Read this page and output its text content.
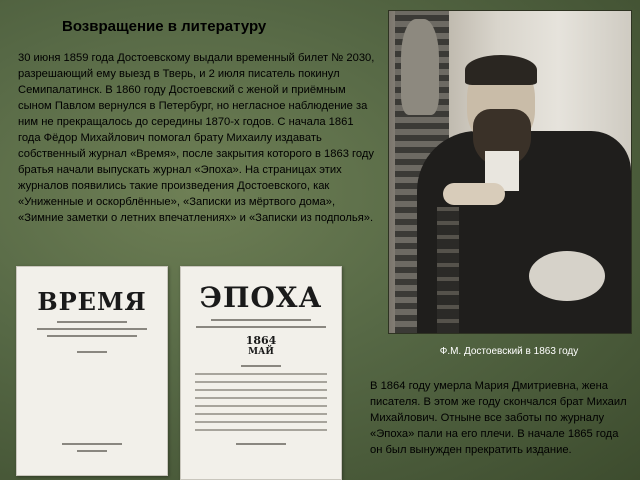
Возвращение в литературу

30 июня 1859 года Достоевскому выдали временный билет № 2030, разрешающий ему выезд в Тверь, и 2 июля писатель покинул Семипалатинск. В 1860 году Достоевский с женой и приёмным сыном Павлом вернулся в Петербург, но негласное наблюдение за ним не прекращалось до середины 1870-х годов. С начала 1861 года Фёдор Михайлович помогал брату Михаилу издавать собственный журнал «Время», после закрытия которого в 1863 году братья начали выпускать журнал «Эпоха». На страницах этих журналов появились такие произведения Достоевского, как «Униженные и оскорблённые», «Записки из мёртвого дома», «Зимние заметки о летних впечатлениях» и «Записки из подполья».

Ф.М. Достоевский в 1863 году

В 1864 году умерла Мария Дмитриевна, жена писателя. В этом же году скончался брат Михаил Михайлович. Отныне все заботы по журналу «Эпоха» пали на его плечи. В начале 1865 года он был вынужден прекратить издание.

ВРЕМЯ	ЭПОХА
1864
МАЙ
